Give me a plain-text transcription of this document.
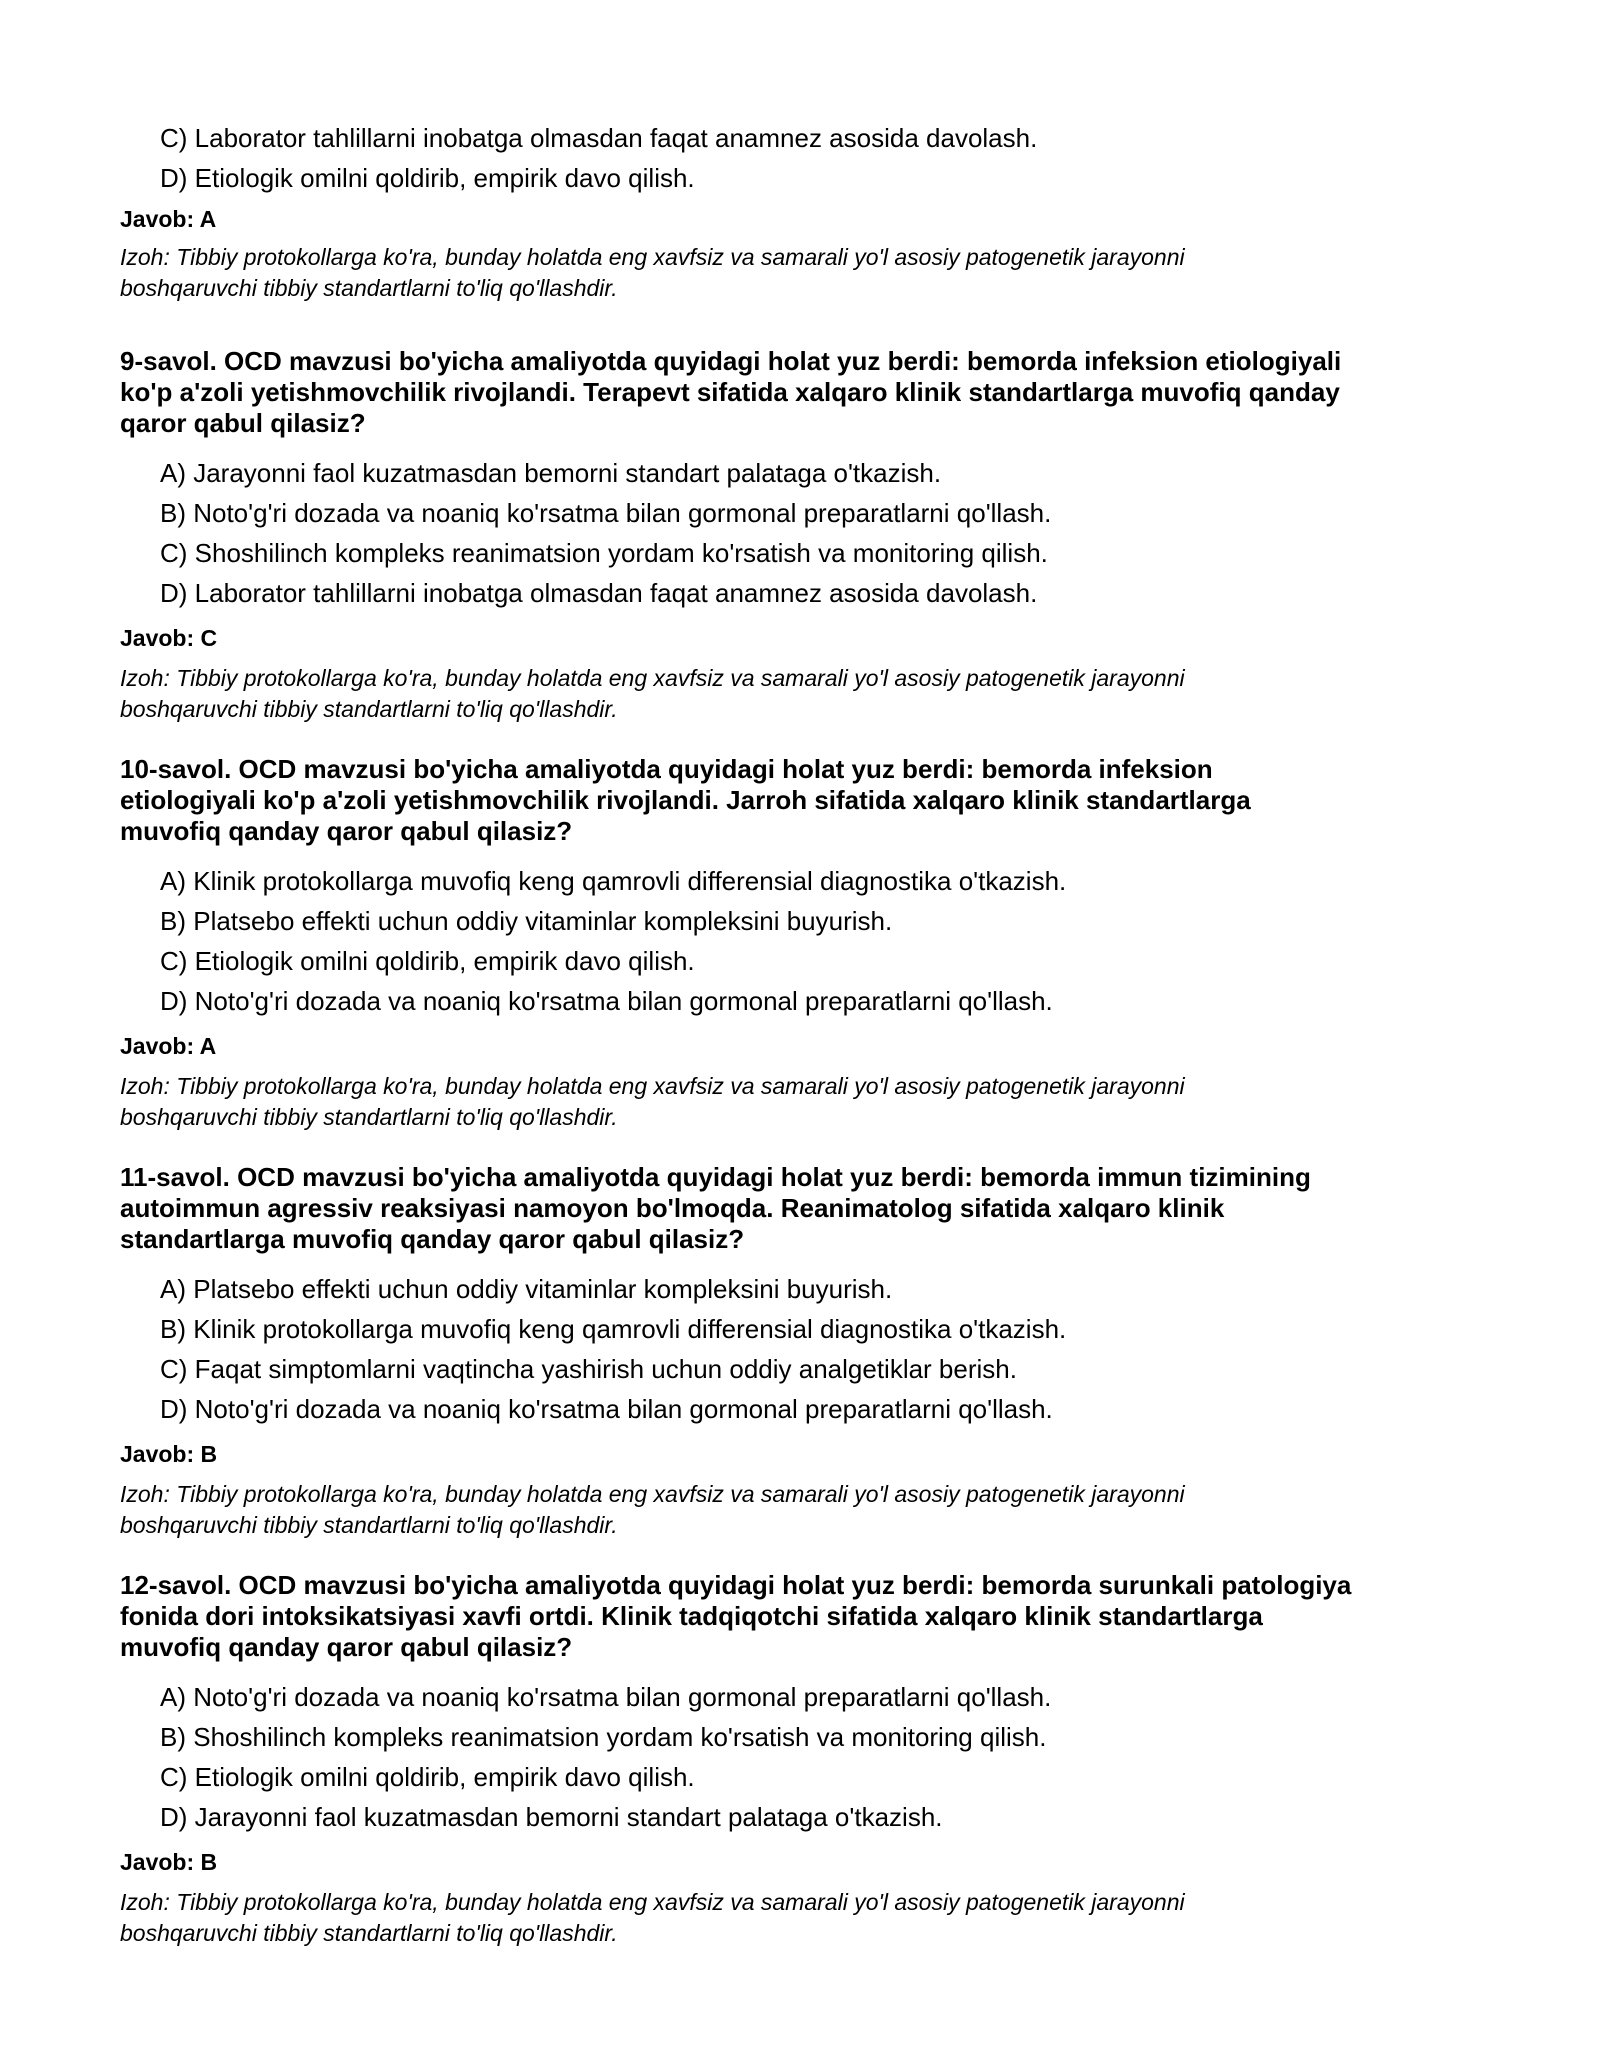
C) Laborator tahlillarni inobatga olmasdan faqat anamnez asosida davolash.
D) Etiologik omilni qoldirib, empirik davo qilish.
Javob: A
Izoh: Tibbiy protokollarga ko'ra, bunday holatda eng xavfsiz va samarali yo'l asosiy patogenetik jarayonni
boshqaruvchi tibbiy standartlarni to'liq qo'llashdir.
9-savol. OCD mavzusi bo'yicha amaliyotda quyidagi holat yuz berdi: bemorda infeksion etiologiyali
ko'p a'zoli yetishmovchilik rivojlandi. Terapevt sifatida xalqaro klinik standartlarga muvofiq qanday
qaror qabul qilasiz?
A) Jarayonni faol kuzatmasdan bemorni standart palataga o'tkazish.
B) Noto'g'ri dozada va noaniq ko'rsatma bilan gormonal preparatlarni qo'llash.
C) Shoshilinch kompleks reanimatsion yordam ko'rsatish va monitoring qilish.
D) Laborator tahlillarni inobatga olmasdan faqat anamnez asosida davolash.
Javob: C
Izoh: Tibbiy protokollarga ko'ra, bunday holatda eng xavfsiz va samarali yo'l asosiy patogenetik jarayonni
boshqaruvchi tibbiy standartlarni to'liq qo'llashdir.
10-savol. OCD mavzusi bo'yicha amaliyotda quyidagi holat yuz berdi: bemorda infeksion
etiologiyali ko'p a'zoli yetishmovchilik rivojlandi. Jarroh sifatida xalqaro klinik standartlarga
muvofiq qanday qaror qabul qilasiz?
A) Klinik protokollarga muvofiq keng qamrovli differensial diagnostika o'tkazish.
B) Platsebo effekti uchun oddiy vitaminlar kompleksini buyurish.
C) Etiologik omilni qoldirib, empirik davo qilish.
D) Noto'g'ri dozada va noaniq ko'rsatma bilan gormonal preparatlarni qo'llash.
Javob: A
Izoh: Tibbiy protokollarga ko'ra, bunday holatda eng xavfsiz va samarali yo'l asosiy patogenetik jarayonni
boshqaruvchi tibbiy standartlarni to'liq qo'llashdir.
11-savol. OCD mavzusi bo'yicha amaliyotda quyidagi holat yuz berdi: bemorda immun tizimining
autoimmun agressiv reaksiyasi namoyon bo'lmoqda. Reanimatolog sifatida xalqaro klinik
standartlarga muvofiq qanday qaror qabul qilasiz?
A) Platsebo effekti uchun oddiy vitaminlar kompleksini buyurish.
B) Klinik protokollarga muvofiq keng qamrovli differensial diagnostika o'tkazish.
C) Faqat simptomlarni vaqtincha yashirish uchun oddiy analgetiklar berish.
D) Noto'g'ri dozada va noaniq ko'rsatma bilan gormonal preparatlarni qo'llash.
Javob: B
Izoh: Tibbiy protokollarga ko'ra, bunday holatda eng xavfsiz va samarali yo'l asosiy patogenetik jarayonni
boshqaruvchi tibbiy standartlarni to'liq qo'llashdir.
12-savol. OCD mavzusi bo'yicha amaliyotda quyidagi holat yuz berdi: bemorda surunkali patologiya
fonida dori intoksikatsiyasi xavfi ortdi. Klinik tadqiqotchi sifatida xalqaro klinik standartlarga
muvofiq qanday qaror qabul qilasiz?
A) Noto'g'ri dozada va noaniq ko'rsatma bilan gormonal preparatlarni qo'llash.
B) Shoshilinch kompleks reanimatsion yordam ko'rsatish va monitoring qilish.
C) Etiologik omilni qoldirib, empirik davo qilish.
D) Jarayonni faol kuzatmasdan bemorni standart palataga o'tkazish.
Javob: B
Izoh: Tibbiy protokollarga ko'ra, bunday holatda eng xavfsiz va samarali yo'l asosiy patogenetik jarayonni
boshqaruvchi tibbiy standartlarni to'liq qo'llashdir.
